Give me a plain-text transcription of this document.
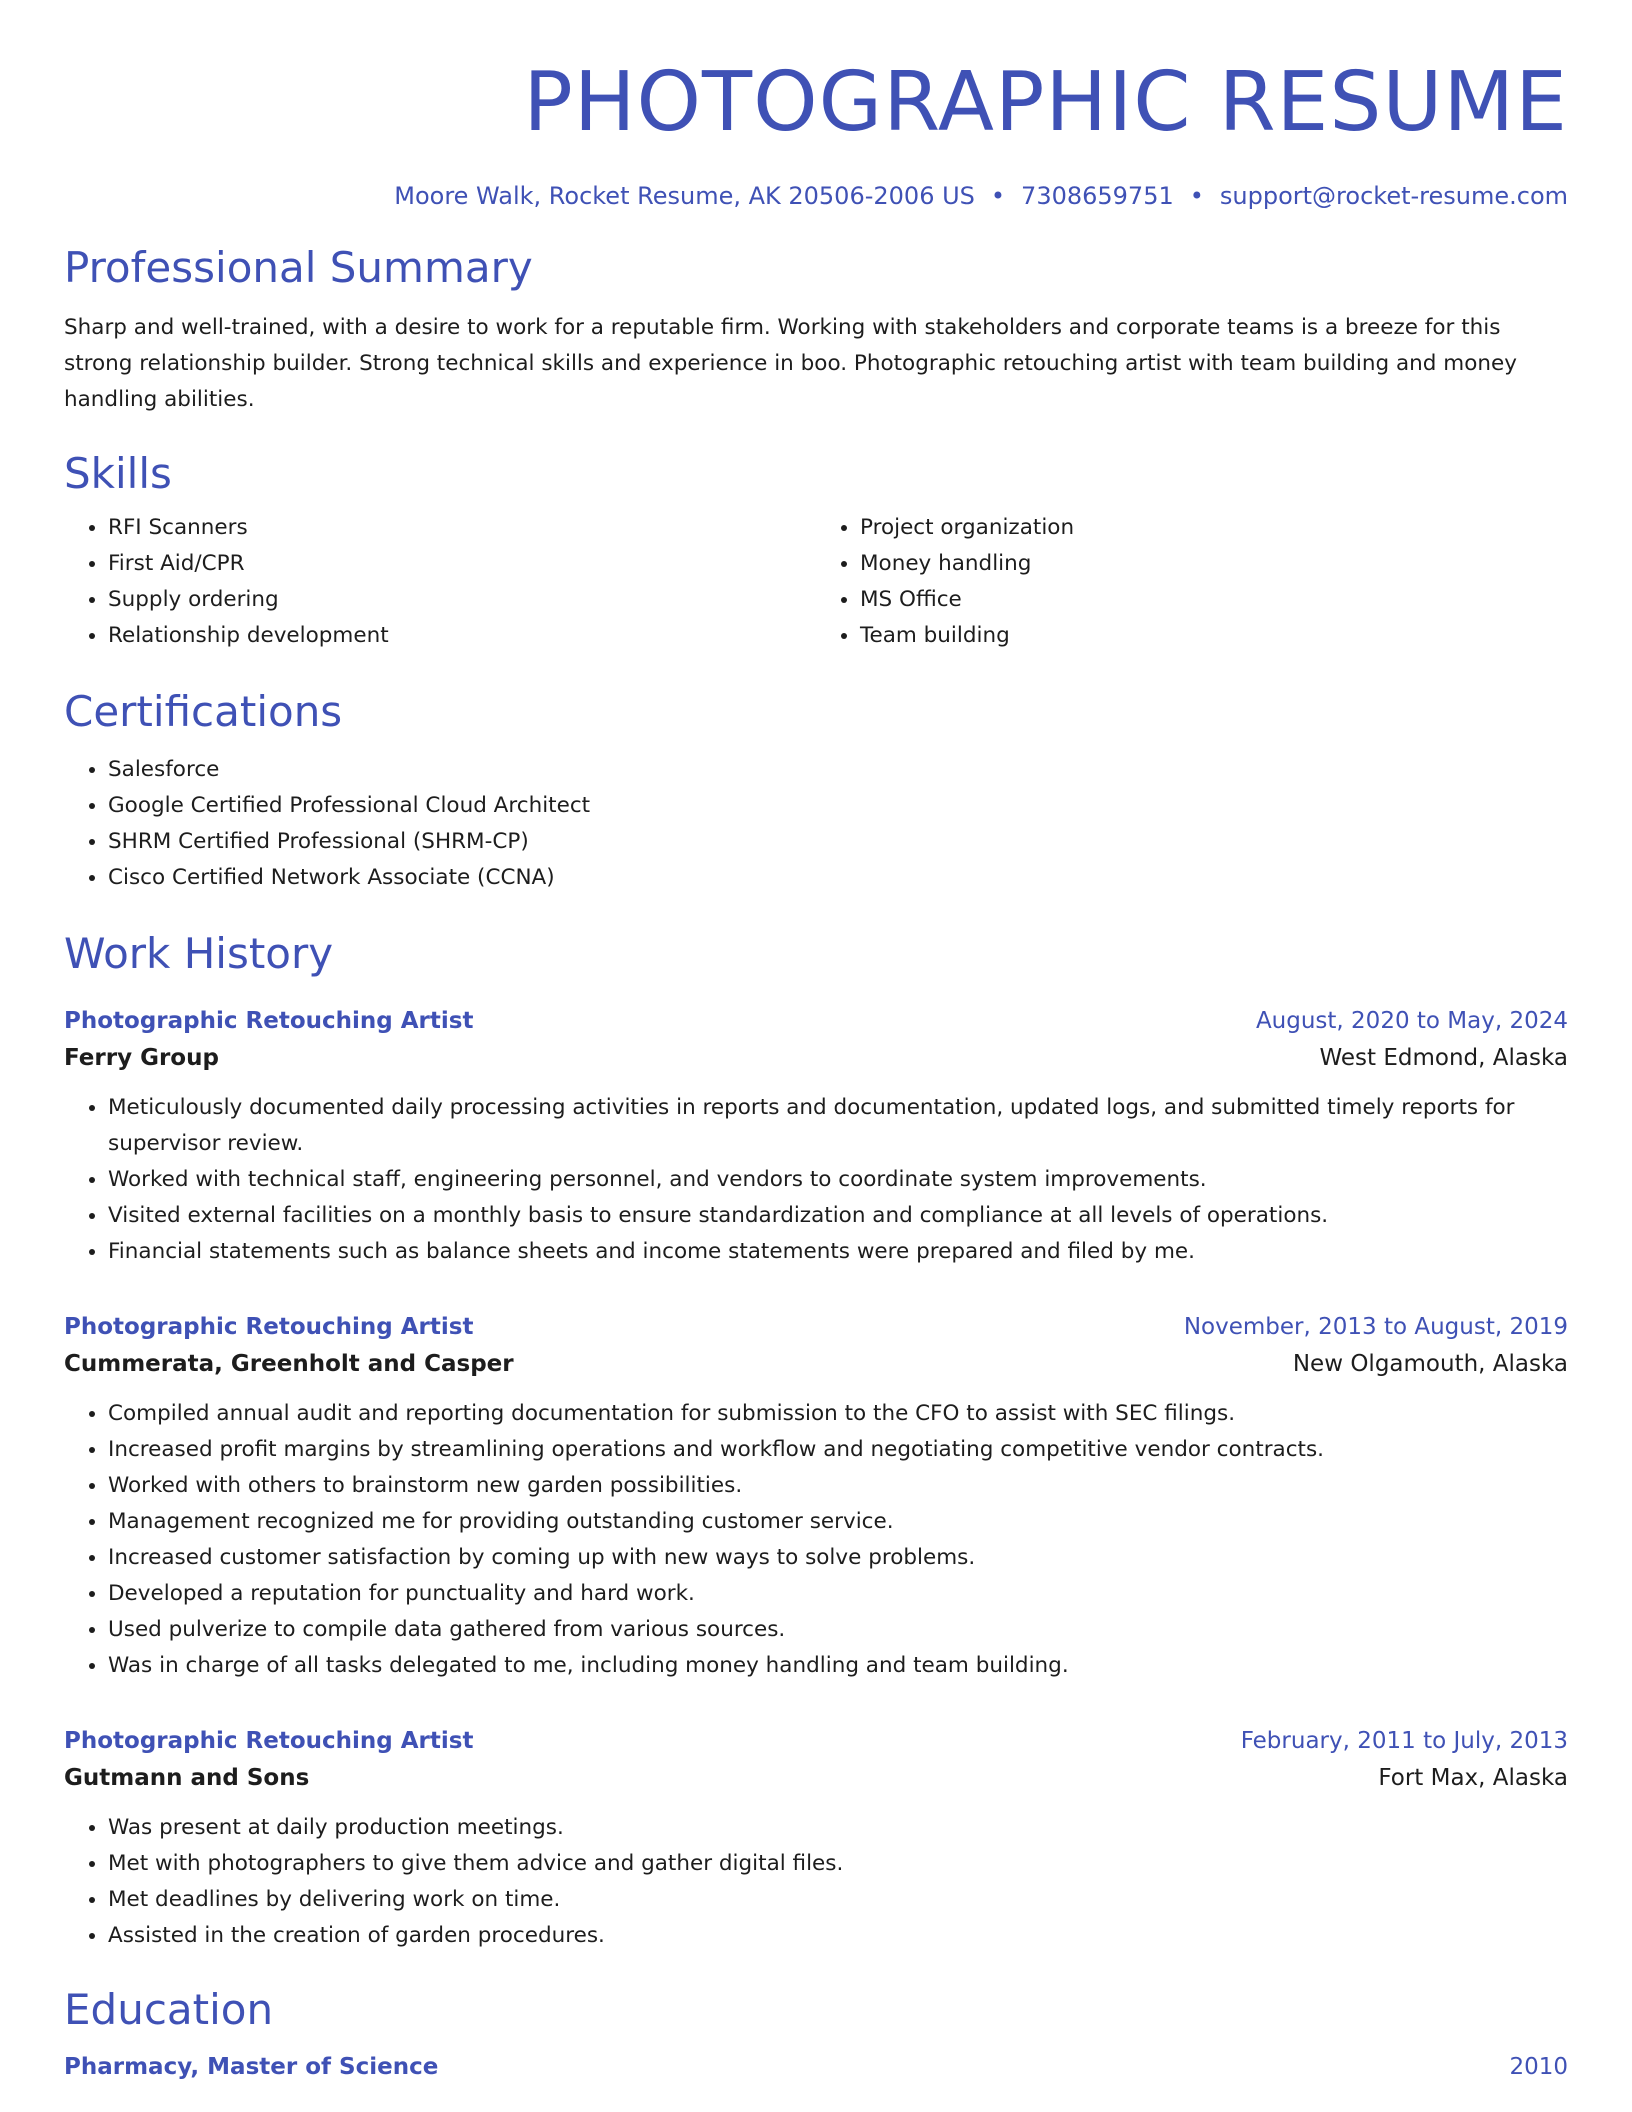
PHOTOGRAPHIC RESUME
Moore Walk, Rocket Resume, AK 20506-2006 US • 7308659751 • support@rocket-resume.com
Professional Summary

Sharp and well-trained, with a desire to work for a reputable firm. Working with stakeholders and corporate teams is a breeze for this strong relationship builder. Strong technical skills and experience in boo. Photographic retouching artist with team building and money handling abilities.

Skills
• RFI Scanners
• First Aid/CPR
• Supply ordering
• Relationship development
• Project organization
• Money handling
• MS Office
• Team building
Certifications
• Salesforce
• Google Certified Professional Cloud Architect
• SHRM Certified Professional (SHRM-CP)
• Cisco Certified Network Associate (CCNA)
Work History
Photographic Retouching Artist	August, 2020 to May, 2024
Ferry Group	West Edmond, Alaska
• Meticulously documented daily processing activities in reports and documentation, updated logs, and submitted timely reports for supervisor review.
• Worked with technical staff, engineering personnel, and vendors to coordinate system improvements.
• Visited external facilities on a monthly basis to ensure standardization and compliance at all levels of operations.
• Financial statements such as balance sheets and income statements were prepared and filed by me.
Photographic Retouching Artist	November, 2013 to August, 2019
Cummerata, Greenholt and Casper	New Olgamouth, Alaska
• Compiled annual audit and reporting documentation for submission to the CFO to assist with SEC filings.
• Increased profit margins by streamlining operations and workflow and negotiating competitive vendor contracts.
• Worked with others to brainstorm new garden possibilities.
• Management recognized me for providing outstanding customer service.
• Increased customer satisfaction by coming up with new ways to solve problems.
• Developed a reputation for punctuality and hard work.
• Used pulverize to compile data gathered from various sources.
• Was in charge of all tasks delegated to me, including money handling and team building.
Photographic Retouching Artist	February, 2011 to July, 2013
Gutmann and Sons	Fort Max, Alaska
• Was present at daily production meetings.
• Met with photographers to give them advice and gather digital files.
• Met deadlines by delivering work on time.
• Assisted in the creation of garden procedures.
Education
Pharmacy, Master of Science	2010
